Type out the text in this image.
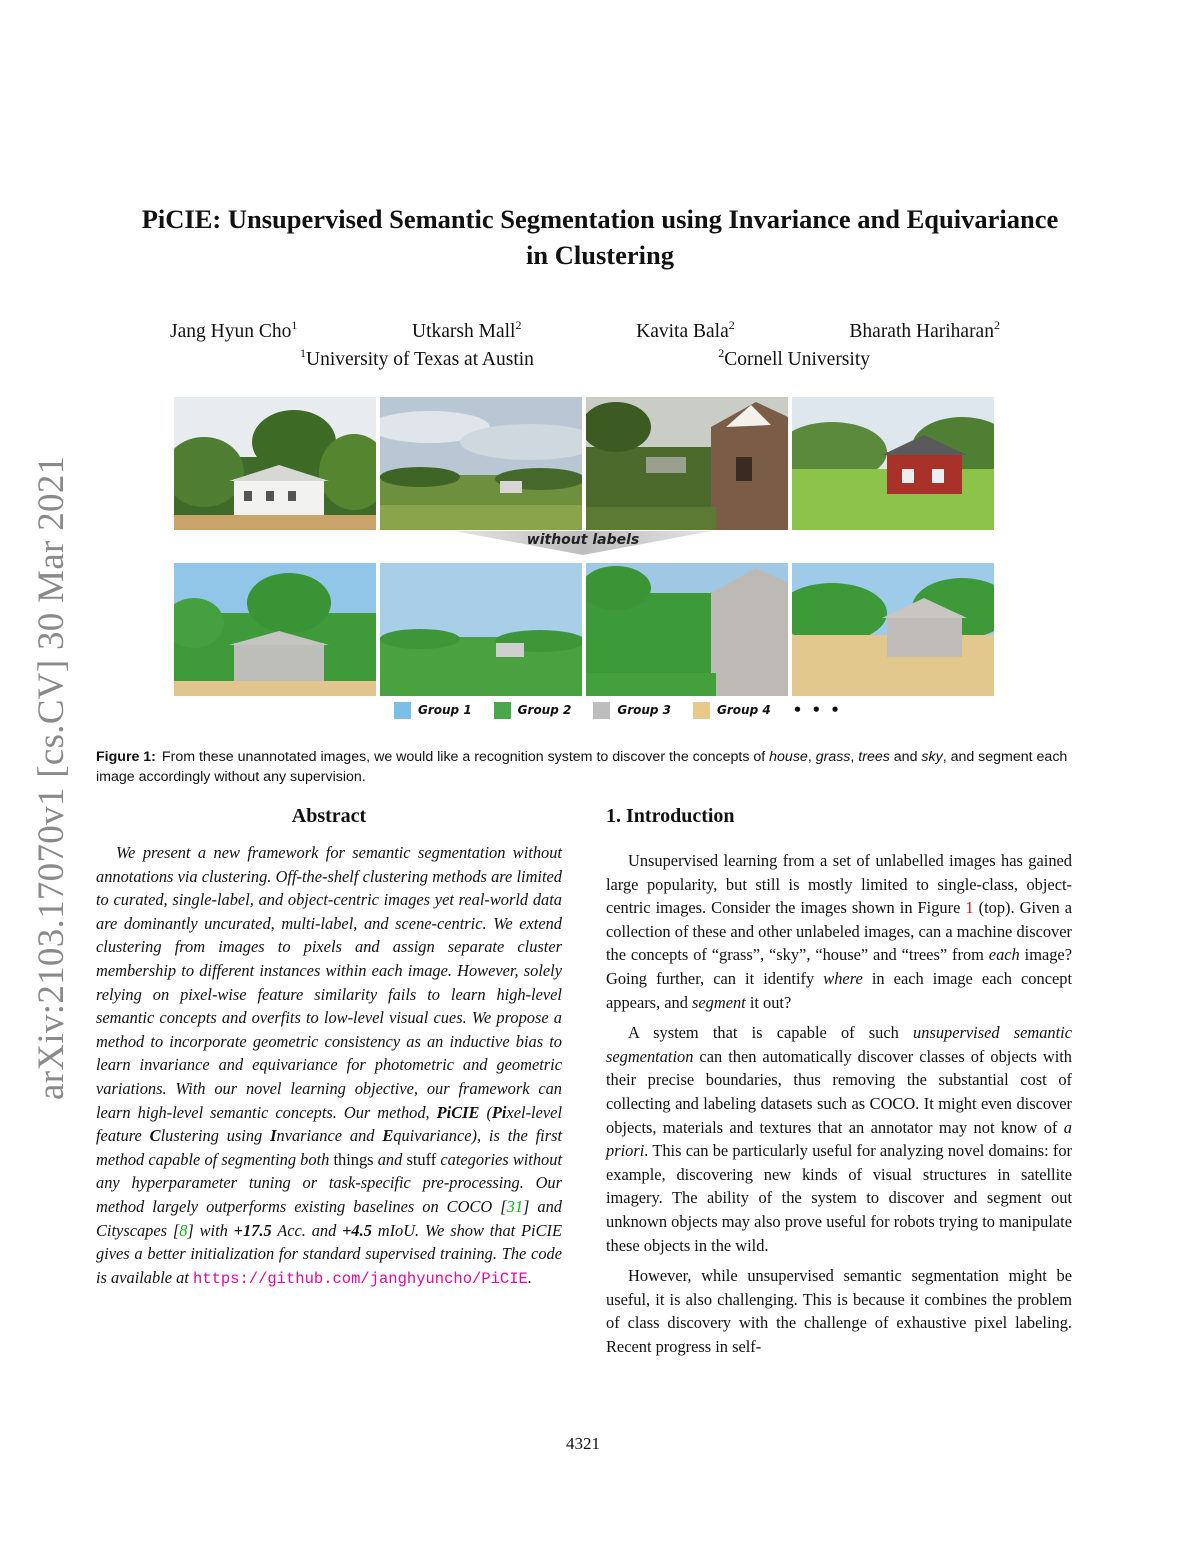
arXiv:2103.17070v1 [cs.CV] 30 Mar 2021
PiCIE: Unsupervised Semantic Segmentation using Invariance and Equivariance
in Clustering
Jang Hyun Cho$^1$	Utkarsh Mall$^2$	Kavita Bala$^2$	Bharath Hariharan$^2$
$^1$University of Texas at Austin	$^2$Cornell University
without labels
Group 1	Group 2	Group 3	Group 4 • • •
Figure 1: From these unannotated images, we would like a recognition system to discover the concepts of house, grass, trees and sky, and segment each image accordingly without any supervision.
Abstract
We present a new framework for semantic segmentation without annotations via clustering. Off-the-shelf clustering methods are limited to curated, single-label, and object-centric images yet real-world data are dominantly uncurated, multi-label, and scene-centric. We extend clustering from images to pixels and assign separate cluster membership to different instances within each image. However, solely relying on pixel-wise feature similarity fails to learn high-level semantic concepts and overfits to low-level visual cues. We propose a method to incorporate geometric consistency as an inductive bias to learn invariance and equivariance for photometric and geometric variations. With our novel learning objective, our framework can learn high-level semantic concepts. Our method, PiCIE (Pixel-level feature Clustering using Invariance and Equivariance), is the first method capable of segmenting both things and stuff categories without any hyperparameter tuning or task-specific pre-processing. Our method largely outperforms existing baselines on COCO [31] and Cityscapes [8] with +17.5 Acc. and +4.5 mIoU. We show that PiCIE gives a better initialization for standard supervised training. The code is available at https://github.com/janghyuncho/PiCIE.
1. Introduction

Unsupervised learning from a set of unlabelled images has gained large popularity, but still is mostly limited to single-class, object-centric images. Consider the images shown in Figure 1 (top). Given a collection of these and other unlabeled images, can a machine discover the concepts of “grass”, “sky”, “house” and “trees” from each image? Going further, can it identify where in each image each concept appears, and segment it out?

A system that is capable of such unsupervised semantic segmentation can then automatically discover classes of objects with their precise boundaries, thus removing the substantial cost of collecting and labeling datasets such as COCO. It might even discover objects, materials and textures that an annotator may not know of a priori. This can be particularly useful for analyzing novel domains: for example, discovering new kinds of visual structures in satellite imagery. The ability of the system to discover and segment out unknown objects may also prove useful for robots trying to manipulate these objects in the wild.

However, while unsupervised semantic segmentation might be useful, it is also challenging. This is because it combines the problem of class discovery with the challenge of exhaustive pixel labeling. Recent progress in self-

4321
